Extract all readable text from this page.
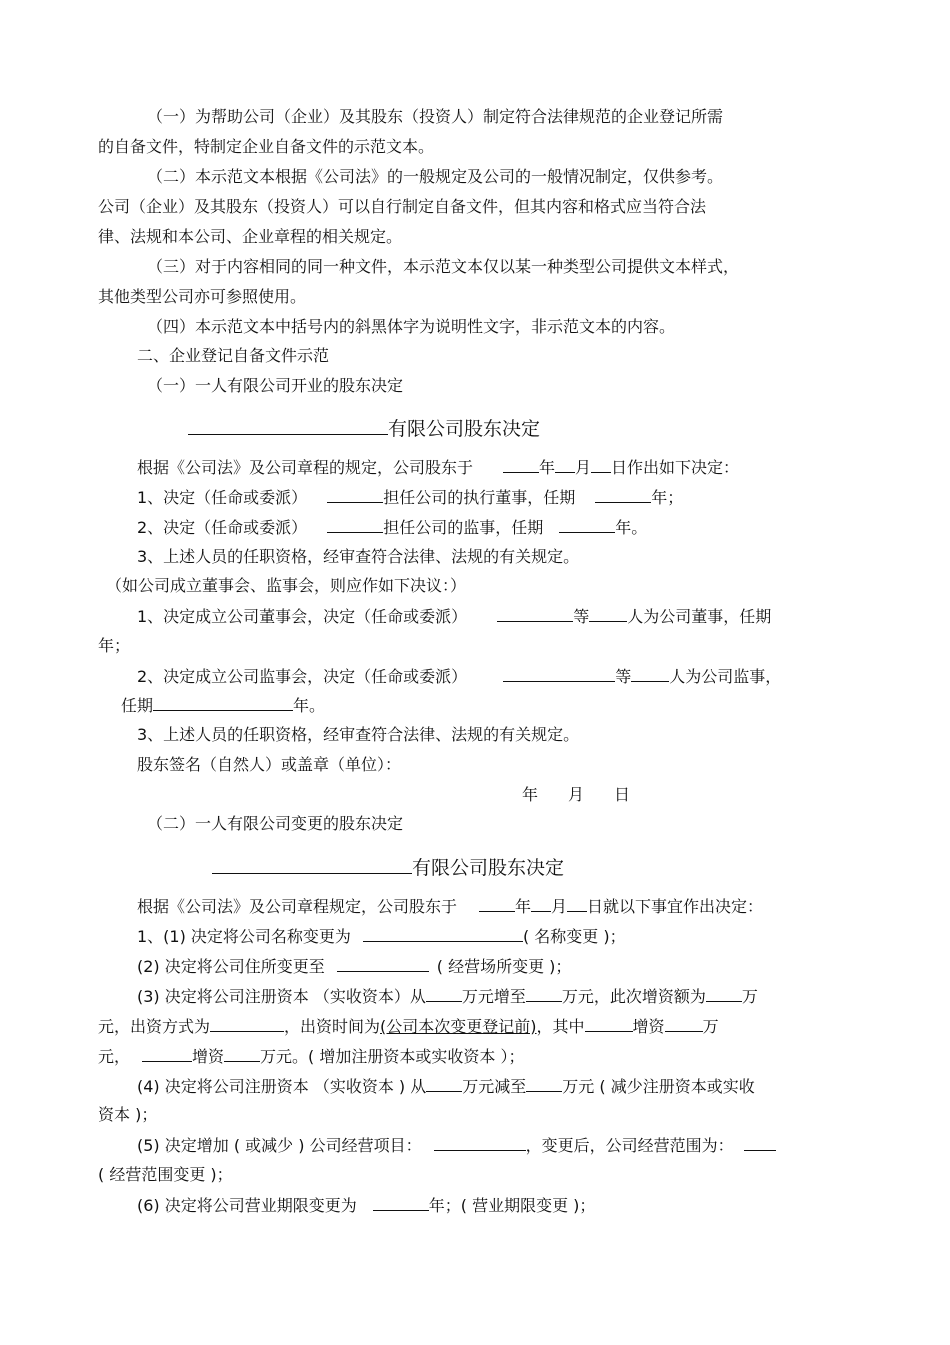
（一）为帮助公司（企业）及其股东（投资人）制定符合法律规范的企业登记所需
的自备文件，特制定企业自备文件的示范文本。
（二）本示范文本根据《公司法》的一般规定及公司的一般情况制定，仅供参考。
公司（企业）及其股东（投资人）可以自行制定自备文件，但其内容和格式应当符合法
律、法规和本公司、企业章程的相关规定。
（三）对于内容相同的同一种文件，本示范文本仅以某一种类型公司提供文本样式，
其他类型公司亦可参照使用。
（四）本示范文本中括号内的斜黑体字为说明性文字，非示范文本的内容。
二、企业登记自备文件示范
（一）一人有限公司开业的股东决定
有限公司股东决定
根据《公司法》及公司章程的规定，公司股东于	年 月 日作出如下决定：
1、决定（任命或委派）	担任公司的执行董事，任期	年；
2、决定（任命或委派）	担任公司的监事，任期	年。
3、上述人员的任职资格，经审查符合法律、法规的有关规定。
（如公司成立董事会、监事会，则应作如下决议：）
1、决定成立公司董事会，决定（任命或委派）	等 人为公司董事，任期
年；
2、决定成立公司监事会，决定（任命或委派）	等 人为公司监事，
任期	年。
3、上述人员的任职资格，经审查符合法律、法规的有关规定。
股东签名（自然人）或盖章（单位）：
年 月 日
（二）一人有限公司变更的股东决定
有限公司股东决定
根据《公司法》及公司章程规定，公司股东于	年 月 日就以下事宜作出决定：
1、(1) 决定将公司名称变更为	( 名称变更 )；
(2) 决定将公司住所变更至	( 经营场所变更 )；
(3) 决定将公司注册资本 （实收资本）从 万元增至 万元，此次增资额为 万
元，出资方式为	，出资时间为(公司本次变更登记前)，其中	增资 万
元，	增资 万元。( 增加注册资本或实收资本 ）；
(4) 决定将公司注册资本 （实收资本 ) 从 万元减至 万元 ( 减少注册资本或实收
资本 )；
(5) 决定增加 ( 或减少 ) 公司经营项目：	，变更后，公司经营范围为：
( 经营范围变更 )；
(6) 决定将公司营业期限变更为	年；( 营业期限变更 )；
